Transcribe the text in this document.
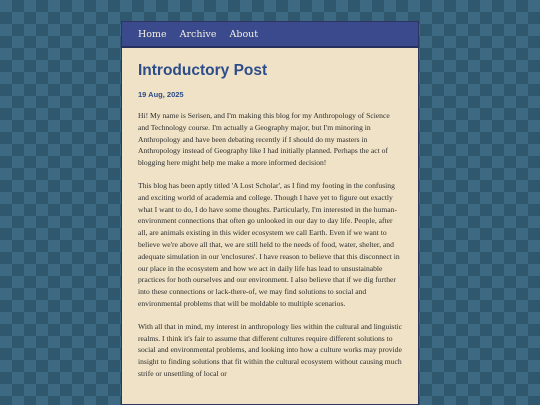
Home Archive About
Introductory Post
19 Aug, 2025

Hi! My name is Serisen, and I'm making this blog for my Anthropology of Science and Technology course. I'm actually a Geography major, but I'm minoring in Anthropology and have been debating recently if I should do my masters in Anthropology instead of Geography like I had initially planned. Perhaps the act of blogging here might help me make a more informed decision!

This blog has been aptly titled 'A Lost Scholar', as I find my footing in the confusing and exciting world of academia and college. Though I have yet to figure out exactly what I want to do, I do have some thoughts. Particularly, I'm interested in the human-environment connections that often go unlooked in our day to day life. People, after all, are animals existing in this wider ecosystem we call Earth. Even if we want to believe we're above all that, we are still held to the needs of food, water, shelter, and adequate simulation in our 'enclosures'. I have reason to believe that this disconnect in our place in the ecosystem and how we act in daily life has lead to unsustainable practices for both ourselves and our environment. I also believe that if we dig further into these connections or lack-there-of, we may find solutions to social and environmental problems that will be moldable to multiple scenarios.

With all that in mind, my interest in anthropology lies within the cultural and linguistic realms. I think it's fair to assume that different cultures require different solutions to social and environmental problems, and looking into how a culture works may provide insight to finding solutions that fit within the cultural ecosystem without causing much strife or unsettling of local or
